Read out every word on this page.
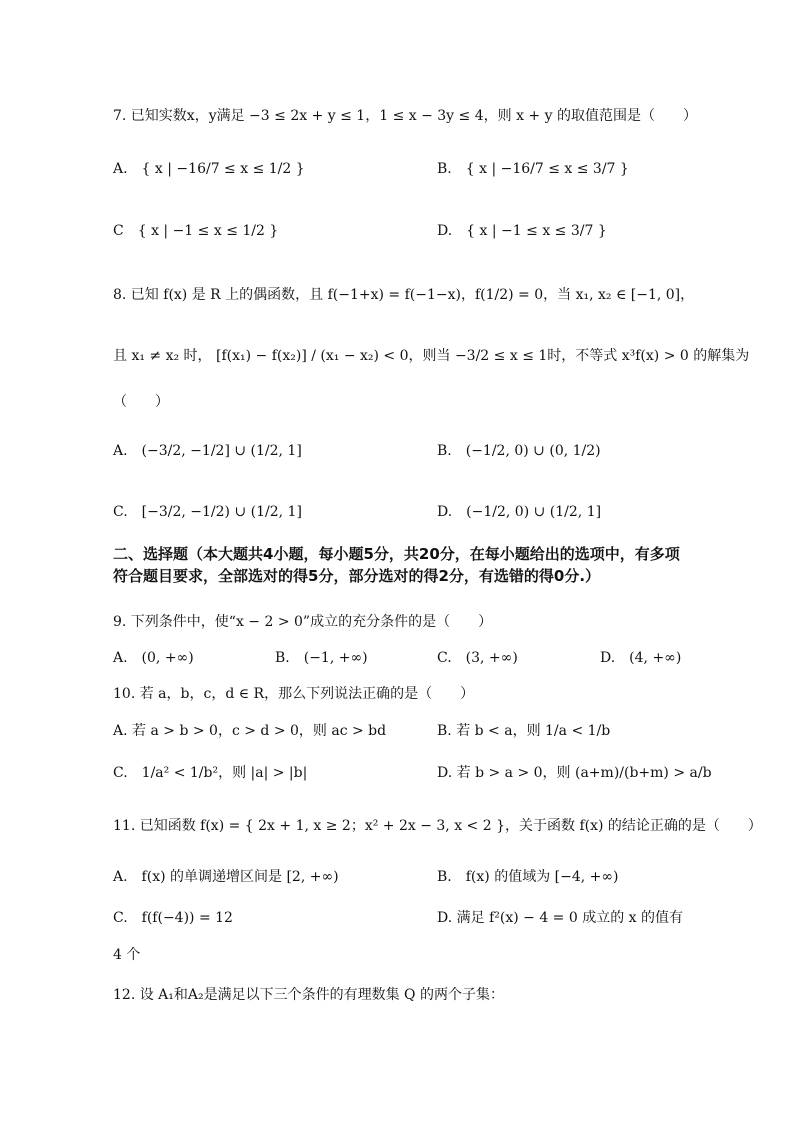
7. 已知实数x，y满足 −3 ≤ 2x + y ≤ 1，1 ≤ x − 3y ≤ 4，则 x + y 的取值范围是（　　）
A.　{ x | −16/7 ≤ x ≤ 1/2 }	B.　{ x | −16/7 ≤ x ≤ 3/7 }
C　{ x | −1 ≤ x ≤ 1/2 }	D.　{ x | −1 ≤ x ≤ 3/7 }
8. 已知 f(x) 是 R 上的偶函数，且 f(−1+x) = f(−1−x)，f(1/2) = 0，当 x₁, x₂ ∈ [−1, 0]，
且 x₁ ≠ x₂ 时， [f(x₁) − f(x₂)] / (x₁ − x₂) < 0，则当 −3/2 ≤ x ≤ 1时，不等式 x³f(x) > 0 的解集为
（　　）
A.　(−3/2, −1/2] ∪ (1/2, 1]	B.　(−1/2, 0) ∪ (0, 1/2)
C.　[−3/2, −1/2) ∪ (1/2, 1]	D.　(−1/2, 0) ∪ (1/2, 1]
二、选择题（本大题共4小题，每小题5分，共20分，在每小题给出的选项中，有多项符合题目要求，全部选对的得5分，部分选对的得2分，有选错的得0分.）
9. 下列条件中，使“x − 2 > 0”成立的充分条件的是（　　）
A.　(0, +∞)	B.　(−1, +∞)	C.　(3, +∞)	D.　(4, +∞)
10. 若 a，b，c，d ∈ R，那么下列说法正确的是（　　）
A. 若 a > b > 0，c > d > 0，则 ac > bd	B. 若 b < a，则 1/a < 1/b
C.　1/a² < 1/b²，则 |a| > |b|	D. 若 b > a > 0，则 (a+m)/(b+m) > a/b
11. 已知函数 f(x) = { 2x + 1, x ≥ 2；x² + 2x − 3, x < 2 }，关于函数 f(x) 的结论正确的是（　　）
A.　f(x) 的单调递增区间是 [2, +∞)	B.　f(x) 的值域为 [−4, +∞)
C.　f(f(−4)) = 12	D. 满足 f²(x) − 4 = 0 成立的 x 的值有
4 个
12. 设 A₁和A₂是满足以下三个条件的有理数集 Q 的两个子集：
